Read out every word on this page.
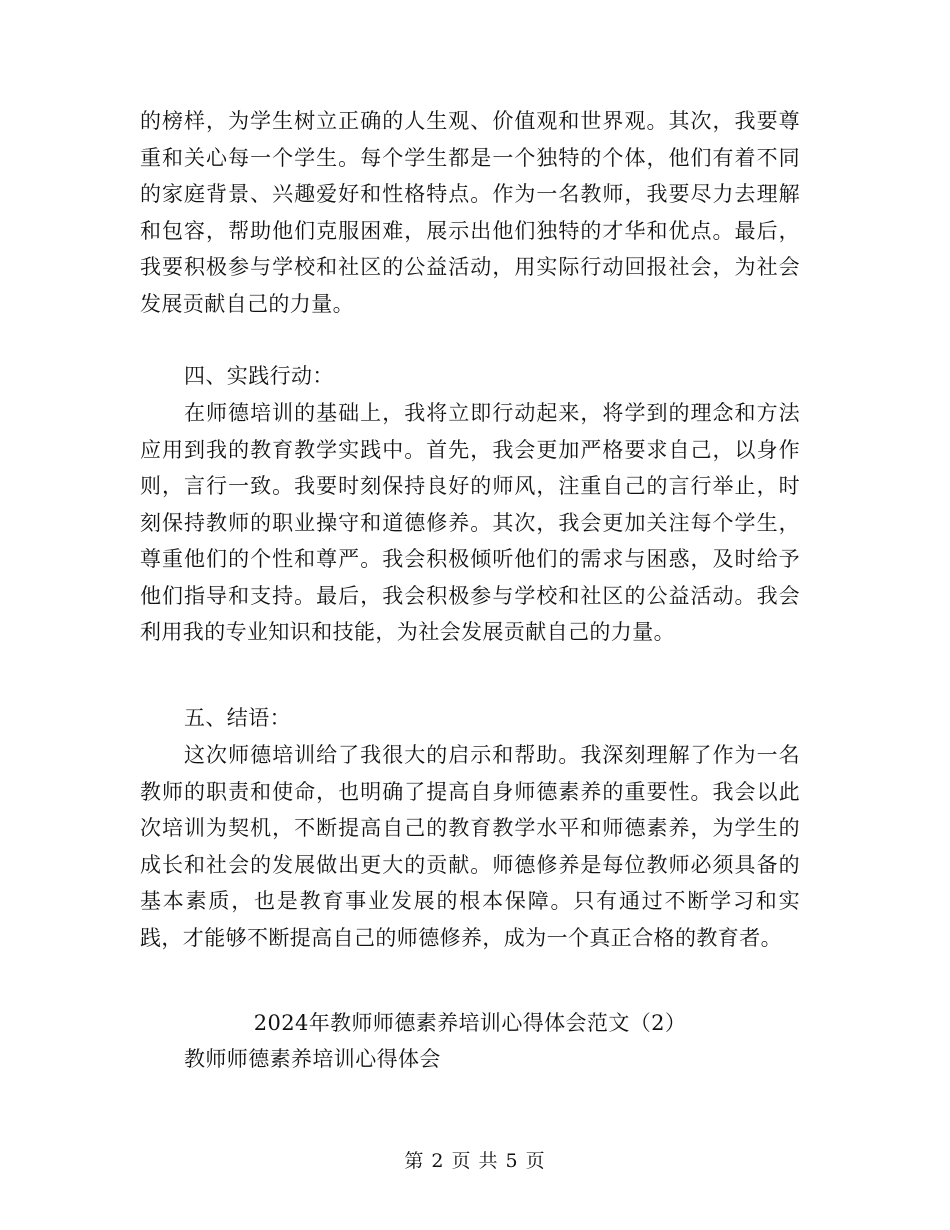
的榜样，为学生树立正确的人生观、价值观和世界观。其次，我要尊重和关心每一个学生。每个学生都是一个独特的个体，他们有着不同的家庭背景、兴趣爱好和性格特点。作为一名教师，我要尽力去理解和包容，帮助他们克服困难，展示出他们独特的才华和优点。最后，我要积极参与学校和社区的公益活动，用实际行动回报社会，为社会发展贡献自己的力量。

四、实践行动：

在师德培训的基础上，我将立即行动起来，将学到的理念和方法应用到我的教育教学实践中。首先，我会更加严格要求自己，以身作则，言行一致。我要时刻保持良好的师风，注重自己的言行举止，时刻保持教师的职业操守和道德修养。其次，我会更加关注每个学生，尊重他们的个性和尊严。我会积极倾听他们的需求与困惑，及时给予他们指导和支持。最后，我会积极参与学校和社区的公益活动。我会利用我的专业知识和技能，为社会发展贡献自己的力量。

五、结语：

这次师德培训给了我很大的启示和帮助。我深刻理解了作为一名教师的职责和使命，也明确了提高自身师德素养的重要性。我会以此次培训为契机，不断提高自己的教育教学水平和师德素养，为学生的成长和社会的发展做出更大的贡献。师德修养是每位教师必须具备的基本素质，也是教育事业发展的根本保障。只有通过不断学习和实践，才能够不断提高自己的师德修养，成为一个真正合格的教育者。

2024年教师师德素养培训心得体会范文（2）
教师师德素养培训心得体会
第 2 页 共 5 页
